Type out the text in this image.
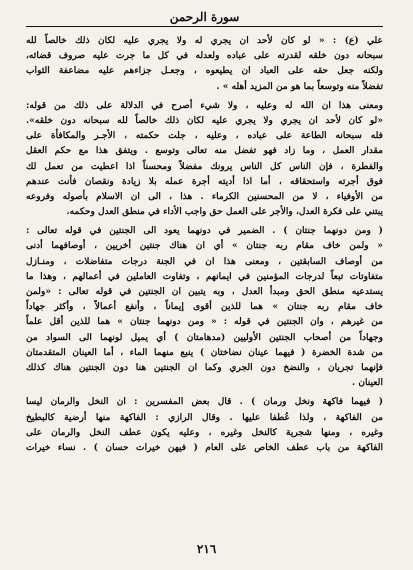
سورة الرحمن
علي (ع) : « لو كان لأحد ان يجري له ولا يجري عليه لكان ذلك خالصاً لله
سبحانه دون خلقه لقدرته على عباده ولعدله في كل ما جرت عليه صروف قضائه،
ولكنه جعل حقه على العباد ان يطيعوه ، وجعـل جزاءهم عليه مضاعفة الثواب
تفضلاً منه وتوسعاً بما هو من المزيد أهله » .
ومعنى هذا ان الله له وعليه ، ولا شيء أصرح في الدلالة على ذلك من قوله:
«لو كان لأحد ان يجري ولا يجري عليه لكان ذلك خالصاً لله سبحانه دون خلقه».
فله سبحانه الطاعة على عباده ، وعليه ، جلت حكمته ، الأجـر والمكافأة على
مقدار العمل ، وما زاد فهو تفضل منه تعالى وتوسع . ويتفق هذا مع حكم العقل
والفطرة ، فإن الناس كل الناس يرونك مفضلاً ومحسناً اذا اعطيت من تعمل لك
فوق أجرته واستحقاقه ، أما اذا أديته أجرة عمله بلا زيادة ونقصان فأنت عندهم
من الأوفياء ، لا من المحسنين الكرماء . هذا ، الى ان الاسلام بأصوله وفروعه
يبتني على فكرة العدل، والأجر على العمل حق واجب الأداء في منطق العدل وحكمه.
( ومن دونهما جنتان ) . الضمير في دونهما يعود الى الجنتين في قوله تعالى :
« ولمن خاف مقام ربه جنتان » أي ان هناك جنتين أخريين ، أوصافهما أدنى
من أوصاف السابقتين ، ومعنى هذا ان في الجنة درجات متفاضلات ، ومنـازل
متفاوتات تبعاً لدرجات المؤمنين في ايمانهم ، وتفاوت العاملين في أعمالهم ، وهذا ما
يستدعيه منطق الحق ومبدأ العدل ، وبه يتبين ان الجنتين في قوله تعالى : «ولمن
خاف مقام ربه جنتان » هما للذين أقوى إيماناً ، وأنفع أعمالاً ، وأكثر جهاداً
من غيرهم ، وان الجنتين في قوله : « ومن دونهما جنتان » هما للذين أقل علماً
وجهاداً من أصحاب الجنتين الأوليين (مدهامتان ) أي يميل لونهما الى السواد من
من شدة الخضرة ( فيهما عينان نضاختان ) ينبع منهما الماء ، أما العينان المتقدمتان
فإنهما تجريان ، والنضخ دون الجري وكما ان الجنتين هنا دون الجنتين هناك كذلك
العينان .
( فيهما فاكهة ونخل ورمان ) . قال بعض المفسرين : ان النخل والرمان ليسا
من الفاكهة ، ولذا عُطفا عليها . وقال الرازي : الفاكهة منها أرضية كالبطيخ
وغيره ، ومنها شجرية كالنخل وغيره ، وعليه يكون عطف النخل والرمان على
الفاكهة من باب عطف الخاص على العام ( فيهن خيرات حسان ) . نساء خيرات
٢١٦
